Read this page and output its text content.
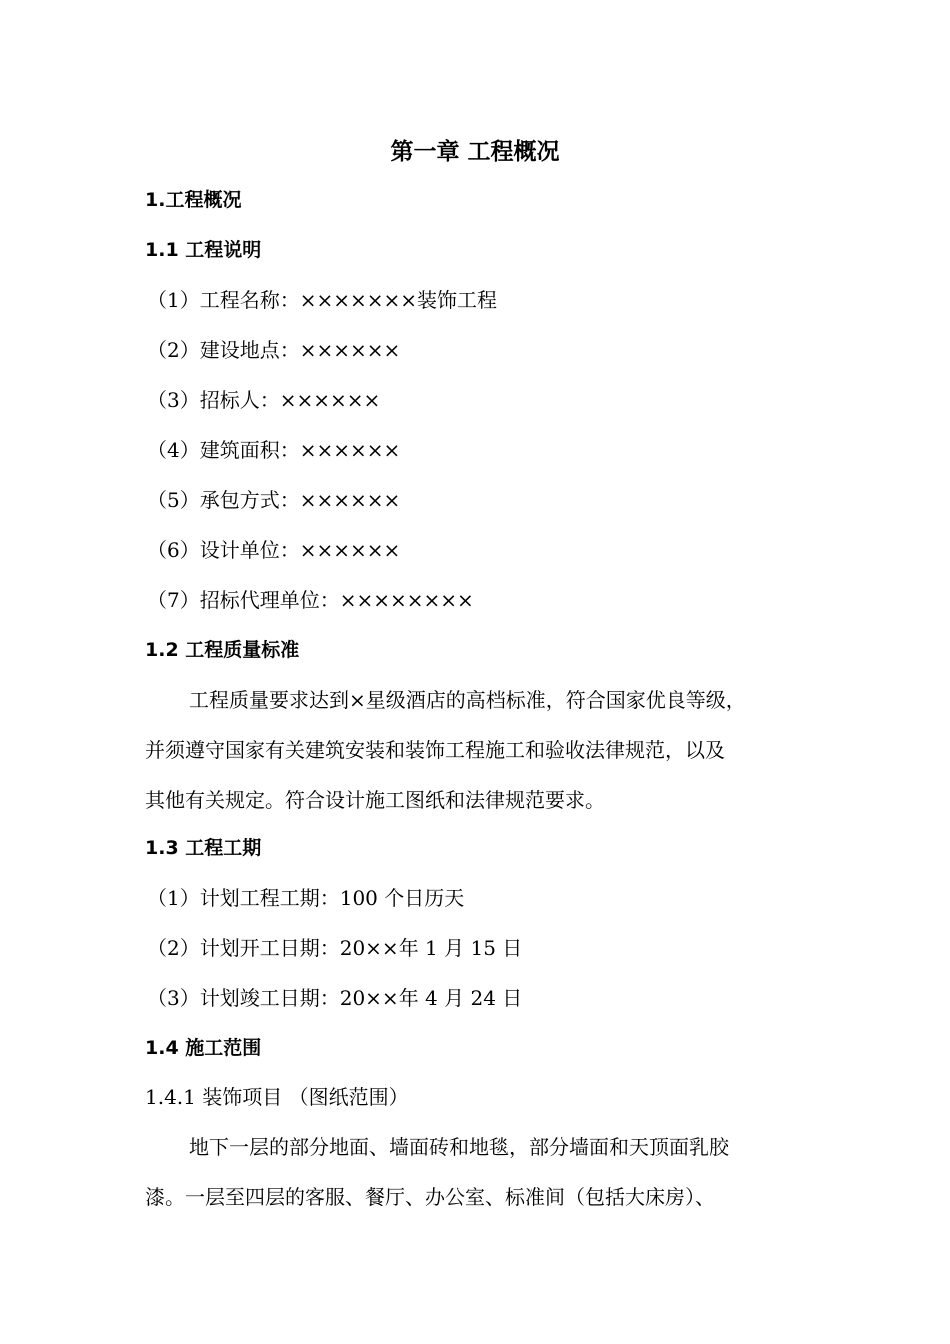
第一章 工程概况
1.工程概况
1.1 工程说明
（1）工程名称：×××××××装饰工程
（2）建设地点：××××××
（3）招标人：××××××
（4）建筑面积：××××××
（5）承包方式：××××××
（6）设计单位：××××××
（7）招标代理单位：××××××××
1.2 工程质量标准
工程质量要求达到×星级酒店的高档标准，符合国家优良等级，
并须遵守国家有关建筑安装和装饰工程施工和验收法律规范，以及
其他有关规定。符合设计施工图纸和法律规范要求。
1.3 工程工期
（1）计划工程工期：100 个日历天
（2）计划开工日期：20××年 1 月 15 日
（3）计划竣工日期：20××年 4 月 24 日
1.4 施工范围
1.4.1 装饰项目 （图纸范围）
地下一层的部分地面、墙面砖和地毯，部分墙面和天顶面乳胶
漆。一层至四层的客服、餐厅、办公室、标准间（包括大床房）、
